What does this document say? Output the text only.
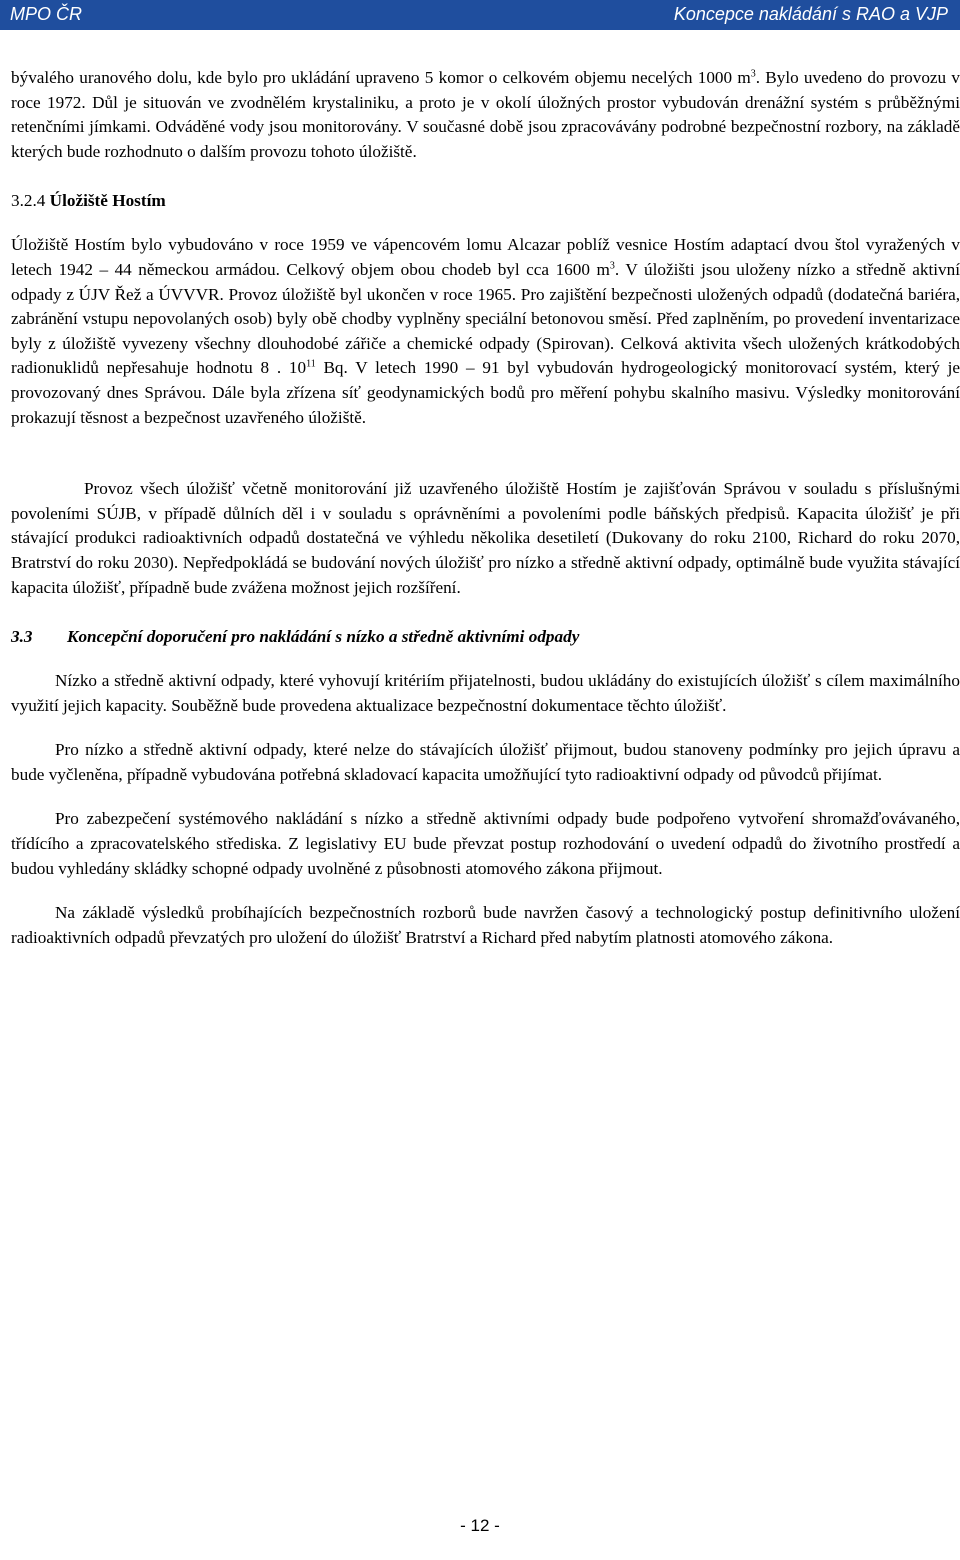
MPO ČR	Koncepce nakládání s RAO a VJP

bývalého uranového dolu, kde bylo pro ukládání upraveno 5 komor o celkovém objemu necelých 1000 $m^3$. Bylo uvedeno do provozu v roce 1972. Důl je situován ve zvodnělém krystaliniku, a proto je v okolí úložných prostor vybudován drenážní systém s průběžnými retenčními jímkami. Odváděné vody jsou monitorovány. V současné době jsou zpracovávány podrobné bezpečnostní rozbory, na základě kterých bude rozhodnuto o dalším provozu tohoto úložiště.

3.2.4 Úložiště Hostím

Úložiště Hostím bylo vybudováno v roce 1959 ve vápencovém lomu Alcazar poblíž vesnice Hostím adaptací dvou štol vyražených v letech 1942 – 44 německou armádou. Celkový objem obou chodeb byl cca 1600 $m^3$. V úložišti jsou uloženy nízko a středně aktivní odpady z ÚJV Řež a ÚVVVR. Provoz úložiště byl ukončen v roce 1965. Pro zajištění bezpečnosti uložených odpadů (dodatečná bariéra, zabránění vstupu nepovolaných osob) byly obě chodby vyplněny speciální betonovou směsí. Před zaplněním, po provedení inventarizace byly z úložiště vyvezeny všechny dlouhodobé zářiče a chemické odpady (Spirovan). Celková aktivita všech uložených krátkodobých radionuklidů nepřesahuje hodnotu 8 . $10^{11}$ Bq. V letech 1990 – 91 byl vybudován hydrogeologický monitorovací systém, který je provozovaný dnes Správou. Dále byla zřízena síť geodynamických bodů pro měření pohybu skalního masivu. Výsledky monitorování prokazují těsnost a bezpečnost uzavřeného úložiště.

Provoz všech úložišť včetně monitorování již uzavřeného úložiště Hostím je zajišťován Správou v souladu s příslušnými povoleními SÚJB, v případě důlních děl i v souladu s oprávněními a povoleními podle báňských předpisů. Kapacita úložišť je při stávající produkci radioaktivních odpadů dostatečná ve výhledu několika desetiletí (Dukovany do roku 2100, Richard do roku 2070, Bratrství do roku 2030). Nepředpokládá se budování nových úložišť pro nízko a středně aktivní odpady, optimálně bude využita stávající kapacita úložišť, případně bude zvážena možnost jejich rozšíření.

3.3	Koncepční doporučení pro nakládání s nízko a středně aktivními odpady

Nízko a středně aktivní odpady, které vyhovují kritériím přijatelnosti, budou ukládány do existujících úložišť s cílem maximálního využití jejich kapacity. Souběžně bude provedena aktualizace bezpečnostní dokumentace těchto úložišť.

Pro nízko a středně aktivní odpady, které nelze do stávajících úložišť přijmout, budou stanoveny podmínky pro jejich úpravu a bude vyčleněna, případně vybudována potřebná skladovací kapacita umožňující tyto radioaktivní odpady od původců přijímat.

Pro zabezpečení systémového nakládání s nízko a středně aktivními odpady bude podpořeno vytvoření shromažďovávaného, třídícího a zpracovatelského střediska. Z legislativy EU bude převzat postup rozhodování o uvedení odpadů do životního prostředí a budou vyhledány skládky schopné odpady uvolněné z působnosti atomového zákona přijmout.

Na základě výsledků probíhajících bezpečnostních rozborů bude navržen časový a technologický postup definitivního uložení radioaktivních odpadů převzatých pro uložení do úložišť Bratrství a Richard před nabytím platnosti atomového zákona.

- 12 -
